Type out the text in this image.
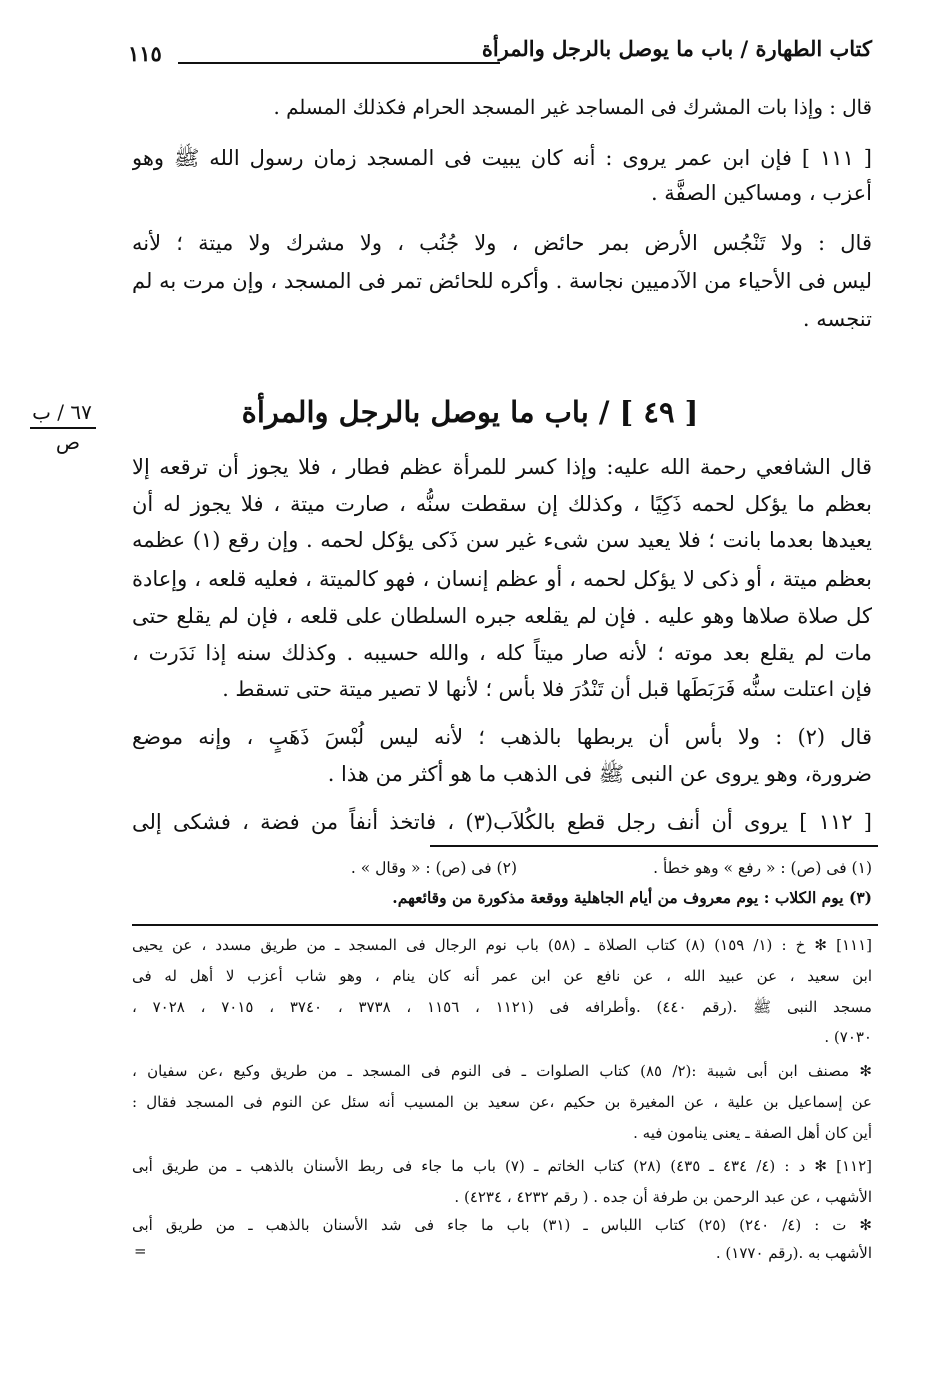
كتاب الطهارة / باب ما يوصل بالرجل والمرأة
١١٥
قال : وإذا بات المشرك فى المساجد غير المسجد الحرام فكذلك المسلم .
[ ١١١ ] فإن ابن عمر يروى : أنه كان يبيت فى المسجد زمان رسول الله ﷺ وهو
أعزب ، ومساكين الصفَّة .
قال : ولا تَنْجُس الأرض بمر حائض ، ولا جُنُب ، ولا مشرك ولا ميتة ؛ لأنه
ليس فى الأحياء من الآدميين نجاسة . وأكره للحائض تمر فى المسجد ، وإن مرت به لم
تنجسه .
[ ٤٩ ] / باب ما يوصل بالرجل والمرأة
٦٧ / ب
ص
قال الشافعي رحمة الله عليه: وإذا كسر للمرأة عظم فطار ، فلا يجوز أن ترقعه إلا
بعظم ما يؤكل لحمه ذَكِيًا ، وكذلك إن سقطت سنُّه ، صارت ميتة ، فلا يجوز له أن
يعيدها بعدما بانت ؛ فلا يعيد سن شىء غير سن ذَكى يؤكل لحمه . وإن رقع (١) عظمه
بعظم ميتة ، أو ذكى لا يؤكل لحمه ، أو عظم إنسان ، فهو كالميتة ، فعليه قلعه ، وإعادة
كل صلاة صلاها وهو عليه . فإن لم يقلعه جبره السلطان على قلعه ، فإن لم يقلع حتى
مات لم يقلع بعد موته ؛ لأنه صار ميتاً كله ، والله حسيبه . وكذلك سنه إذا نَدَرت ،
فإن اعتلت سنُّه فَرَبَطَها قبل أن تَنْدُرَ فلا بأس ؛ لأنها لا تصير ميتة حتى تسقط .
قال (٢) : ولا بأس أن يربطها بالذهب ؛ لأنه ليس لُبْسَ ذَهَبٍ ، وإنه موضع
ضرورة، وهو يروى عن النبى ﷺ فى الذهب ما هو أكثر من هذا .
[ ١١٢ ] يروى أن أنف رجل قطع بالكُلاَب(٣) ، فاتخذ أنفاً من فضة ، فشكى إلى
(١) فى (ص) : « رفع » وهو خطأ .
(٢) فى (ص) : « وقال » .
(٣) يوم الكلاب : يوم معروف من أيام الجاهلية ووقعة مذكورة من وقائعهم.
[١١١] ✻ خ : (١/ ١٥٩) (٨) كتاب الصلاة ـ (٥٨) باب نوم الرجال فى المسجد ـ من طريق مسدد ، عن يحيى
ابن سعيد ، عن عبيد الله ، عن نافع عن ابن عمر أنه كان ينام ، وهو شاب أعزب لا أهل له فى
مسجد النبى ﷺ .(رقم ٤٤٠) .وأطرافه فى (١١٢١ ، ١١٥٦ ، ٣٧٣٨ ، ٣٧٤٠ ، ٧٠١٥ ، ٧٠٢٨ ،
٧٠٣٠) .
✻ مصنف ابن أبى شيبة :(٢/ ٨٥) كتاب الصلوات ـ فى النوم فى المسجد ـ من طريق وكيع ،عن سفيان ،
عن إسماعيل بن علية ، عن المغيرة بن حكيم ،عن سعيد بن المسيب أنه سئل عن النوم فى المسجد فقال :
أين كان أهل الصفة ـ يعنى ينامون فيه .
[١١٢] ✻ د : (٤/ ٤٣٤ ـ ٤٣٥) (٢٨) كتاب الخاتم ـ (٧) باب ما جاء فى ربط الأسنان بالذهب ـ من طريق أبى
الأشهب ، عن عبد الرحمن بن طرفة أن جده . ( رقم ٤٢٣٢ ، ٤٢٣٤) .
✻ ت : (٤/ ٢٤٠) (٢٥) كتاب اللباس ـ (٣١) باب ما جاء فى شد الأسنان بالذهب ـ من طريق أبى
الأشهب به .(رقم ١٧٧٠) .
=
